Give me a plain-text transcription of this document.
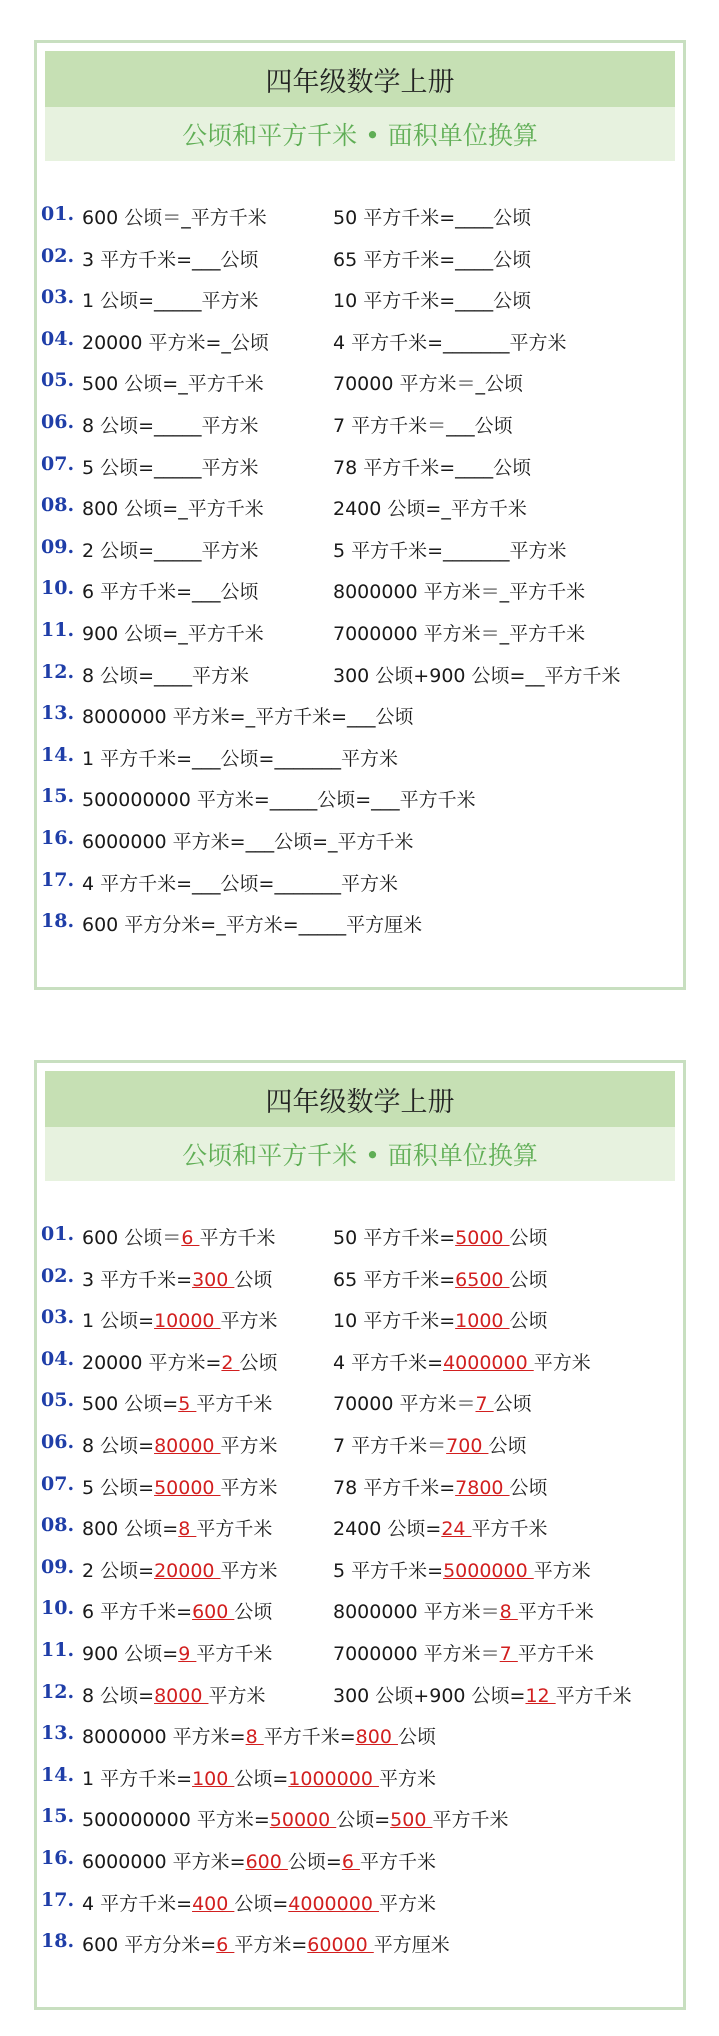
四年级数学上册
公顷和平方千米 • 面积单位换算
01. 600 公顷＝_平方千米	50 平方千米=____公顷
02. 3 平方千米=___公顷	65 平方千米=____公顷
03. 1 公顷=_____平方米	10 平方千米=____公顷
04. 20000 平方米=_公顷	4 平方千米=_______平方米
05. 500 公顷=_平方千米	70000 平方米＝_公顷
06. 8 公顷=_____平方米	7 平方千米＝___公顷
07. 5 公顷=_____平方米	78 平方千米=____公顷
08. 800 公顷=_平方千米	2400 公顷=_平方千米
09. 2 公顷=_____平方米	5 平方千米=_______平方米
10. 6 平方千米=___公顷	8000000 平方米＝_平方千米
11. 900 公顷=_平方千米	7000000 平方米＝_平方千米
12. 8 公顷=____平方米	300 公顷+900 公顷=__平方千米
13. 8000000 平方米=_平方千米=___公顷
14. 1 平方千米=___公顷=_______平方米
15. 500000000 平方米=_____公顷=___平方千米
16. 6000000 平方米=___公顷=_平方千米
17. 4 平方千米=___公顷=_______平方米
18. 600 平方分米=_平方米=_____平方厘米
四年级数学上册
公顷和平方千米 • 面积单位换算
01. 600 公顷＝6 平方千米	50 平方千米=5000 公顷
02. 3 平方千米=300 公顷	65 平方千米=6500 公顷
03. 1 公顷=10000 平方米	10 平方千米=1000 公顷
04. 20000 平方米=2 公顷	4 平方千米=4000000 平方米
05. 500 公顷=5 平方千米	70000 平方米＝7 公顷
06. 8 公顷=80000 平方米	7 平方千米＝700 公顷
07. 5 公顷=50000 平方米	78 平方千米=7800 公顷
08. 800 公顷=8 平方千米	2400 公顷=24 平方千米
09. 2 公顷=20000 平方米	5 平方千米=5000000 平方米
10. 6 平方千米=600 公顷	8000000 平方米＝8 平方千米
11. 900 公顷=9 平方千米	7000000 平方米＝7 平方千米
12. 8 公顷=8000 平方米	300 公顷+900 公顷=12 平方千米
13. 8000000 平方米=8 平方千米=800 公顷
14. 1 平方千米=100 公顷=1000000 平方米
15. 500000000 平方米=50000 公顷=500 平方千米
16. 6000000 平方米=600 公顷=6 平方千米
17. 4 平方千米=400 公顷=4000000 平方米
18. 600 平方分米=6 平方米=60000 平方厘米
